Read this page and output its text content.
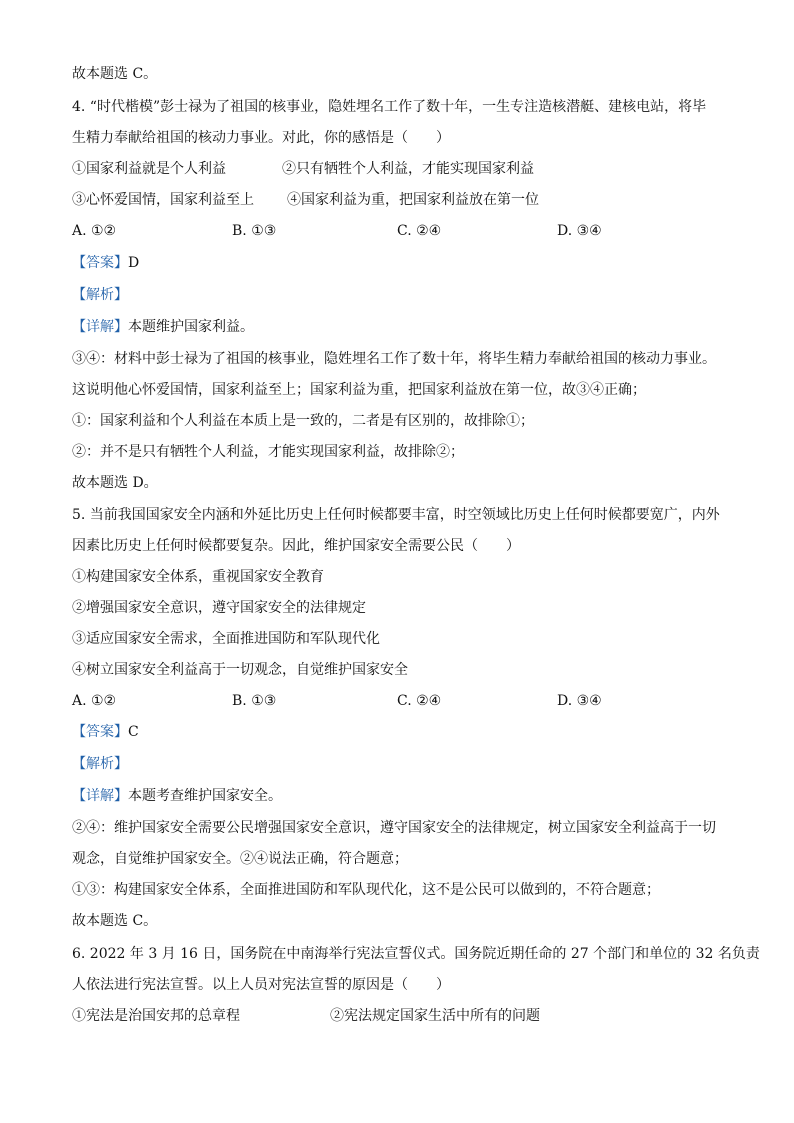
故本题选 C。
4. “时代楷模”彭士禄为了祖国的核事业，隐姓埋名工作了数十年，一生专注造核潜艇、建核电站，将毕
生精力奉献给祖国的核动力事业。对此，你的感悟是（　　）
①国家利益就是个人利益	②只有牺牲个人利益，才能实现国家利益
③心怀爱国情，国家利益至上 ④国家利益为重，把国家利益放在第一位
A. ①②	B. ①③	C. ②④	D. ③④
【答案】D
【解析】
【详解】本题维护国家利益。
③④：材料中彭士禄为了祖国的核事业，隐姓埋名工作了数十年，将毕生精力奉献给祖国的核动力事业。
这说明他心怀爱国情，国家利益至上；国家利益为重，把国家利益放在第一位，故③④正确；
①：国家利益和个人利益在本质上是一致的，二者是有区别的，故排除①；
②：并不是只有牺牲个人利益，才能实现国家利益，故排除②；
故本题选 D。
5. 当前我国国家安全内涵和外延比历史上任何时候都要丰富，时空领域比历史上任何时候都要宽广，内外
因素比历史上任何时候都要复杂。因此，维护国家安全需要公民（　　）
①构建国家安全体系，重视国家安全教育
②增强国家安全意识，遵守国家安全的法律规定
③适应国家安全需求，全面推进国防和军队现代化
④树立国家安全利益高于一切观念，自觉维护国家安全
A. ①②	B. ①③	C. ②④	D. ③④
【答案】C
【解析】
【详解】本题考查维护国家安全。
②④：维护国家安全需要公民增强国家安全意识，遵守国家安全的法律规定，树立国家安全利益高于一切
观念，自觉维护国家安全。②④说法正确，符合题意；
①③：构建国家安全体系，全面推进国防和军队现代化，这不是公民可以做到的，不符合题意；
故本题选 C。
6. 2022 年 3 月 16 日，国务院在中南海举行宪法宣誓仪式。国务院近期任命的 27 个部门和单位的 32 名负责
人依法进行宪法宣誓。以上人员对宪法宣誓的原因是（　　）
①宪法是治国安邦的总章程	②宪法规定国家生活中所有的问题
